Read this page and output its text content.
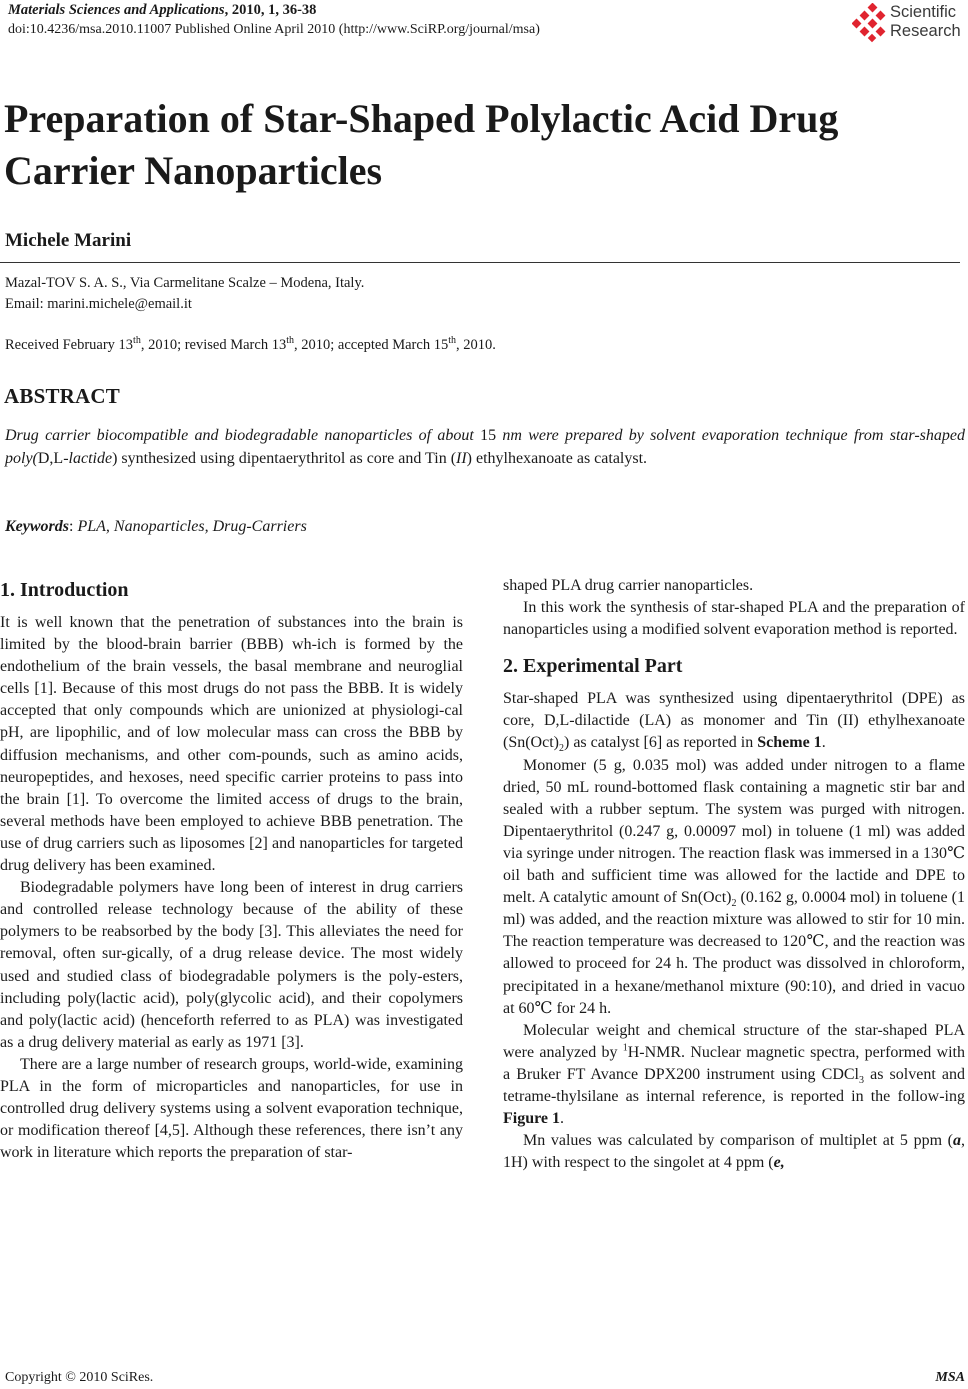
Materials Sciences and Applications, 2010, 1, 36-38
doi:10.4236/msa.2010.11007 Published Online April 2010 (http://www.SciRP.org/journal/msa)
Scientific
Research
Preparation of Star-Shaped Polylactic Acid Drug Carrier Nanoparticles
Michele Marini
Mazal-TOV S. A. S., Via Carmelitane Scalze – Modena, Italy.
Email: marini.michele@email.it
Received February 13th, 2010; revised March 13th, 2010; accepted March 15th, 2010.
ABSTRACT
Drug carrier biocompatible and biodegradable nanoparticles of about 15 nm were prepared by solvent evaporation technique from star-shaped poly(D,L-lactide) synthesized using dipentaerythritol as core and Tin (II) ethylhexanoate as catalyst.
Keywords: PLA, Nanoparticles, Drug-Carriers
1. Introduction

It is well known that the penetration of substances into the brain is limited by the blood-brain barrier (BBB) wh-ich is formed by the endothelium of the brain vessels, the basal membrane and neuroglial cells [1]. Because of this most drugs do not pass the BBB. It is widely accepted that only compounds which are unionized at physiologi-cal pH, are lipophilic, and of low molecular mass can cross the BBB by diffusion mechanisms, and other com-pounds, such as amino acids, neuropeptides, and hexoses, need specific carrier proteins to pass into the brain [1]. To overcome the limited access of drugs to the brain, several methods have been employed to achieve BBB penetration. The use of drug carriers such as liposomes [2] and nanoparticles for targeted drug delivery has been examined.

Biodegradable polymers have long been of interest in drug carriers and controlled release technology because of the ability of these polymers to be reabsorbed by the body [3]. This alleviates the need for removal, often sur-gically, of a drug release device. The most widely used and studied class of biodegradable polymers is the poly-esters, including poly(lactic acid), poly(glycolic acid), and their copolymers and poly(lactic acid) (henceforth referred to as PLA) was investigated as a drug delivery material as early as 1971 [3].

There are a large number of research groups, world-wide, examining PLA in the form of microparticles and nanoparticles, for use in controlled drug delivery systems using a solvent evaporation technique, or modification thereof [4,5]. Although these references, there isn’t any work in literature which reports the preparation of star-

shaped PLA drug carrier nanoparticles.

In this work the synthesis of star-shaped PLA and the preparation of nanoparticles using a modified solvent evaporation method is reported.

2. Experimental Part

Star-shaped PLA was synthesized using dipentaerythritol (DPE) as core, D,L-dilactide (LA) as monomer and Tin (II) ethylhexanoate $(Sn(Oct)_2)$ as catalyst [6] as reported in Scheme 1.

Monomer (5 g, 0.035 mol) was added under nitrogen to a flame dried, 50 mL round-bottomed flask containing a magnetic stir bar and sealed with a rubber septum. The system was purged with nitrogen. Dipentaerythritol (0.247 g, 0.00097 mol) in toluene (1 ml) was added via syringe under nitrogen. The reaction flask was immersed in a 130℃ oil bath and sufficient time was allowed for the lactide and DPE to melt. A catalytic amount of $Sn(Oct)_2$ (0.162 g, 0.0004 mol) in toluene (1 ml) was added, and the reaction mixture was allowed to stir for 10 min. The reaction temperature was decreased to 120℃, and the reaction was allowed to proceed for 24 h. The product was dissolved in chloroform, precipitated in a hexane/methanol mixture (90:10), and dried in vacuo at 60℃ for 24 h.

Molecular weight and chemical structure of the star-shaped PLA were analyzed by $^1$H-NMR. Nuclear magnetic spectra, performed with a Bruker FT Avance DPX200 instrument using CDCl$_3$ as solvent and tetrame-thylsilane as internal reference, is reported in the follow-ing Figure 1.

Mn values was calculated by comparison of multiplet at 5 ppm (a, 1H) with respect to the singolet at 4 ppm (e,

Copyright © 2010 SciRes.	MSA
